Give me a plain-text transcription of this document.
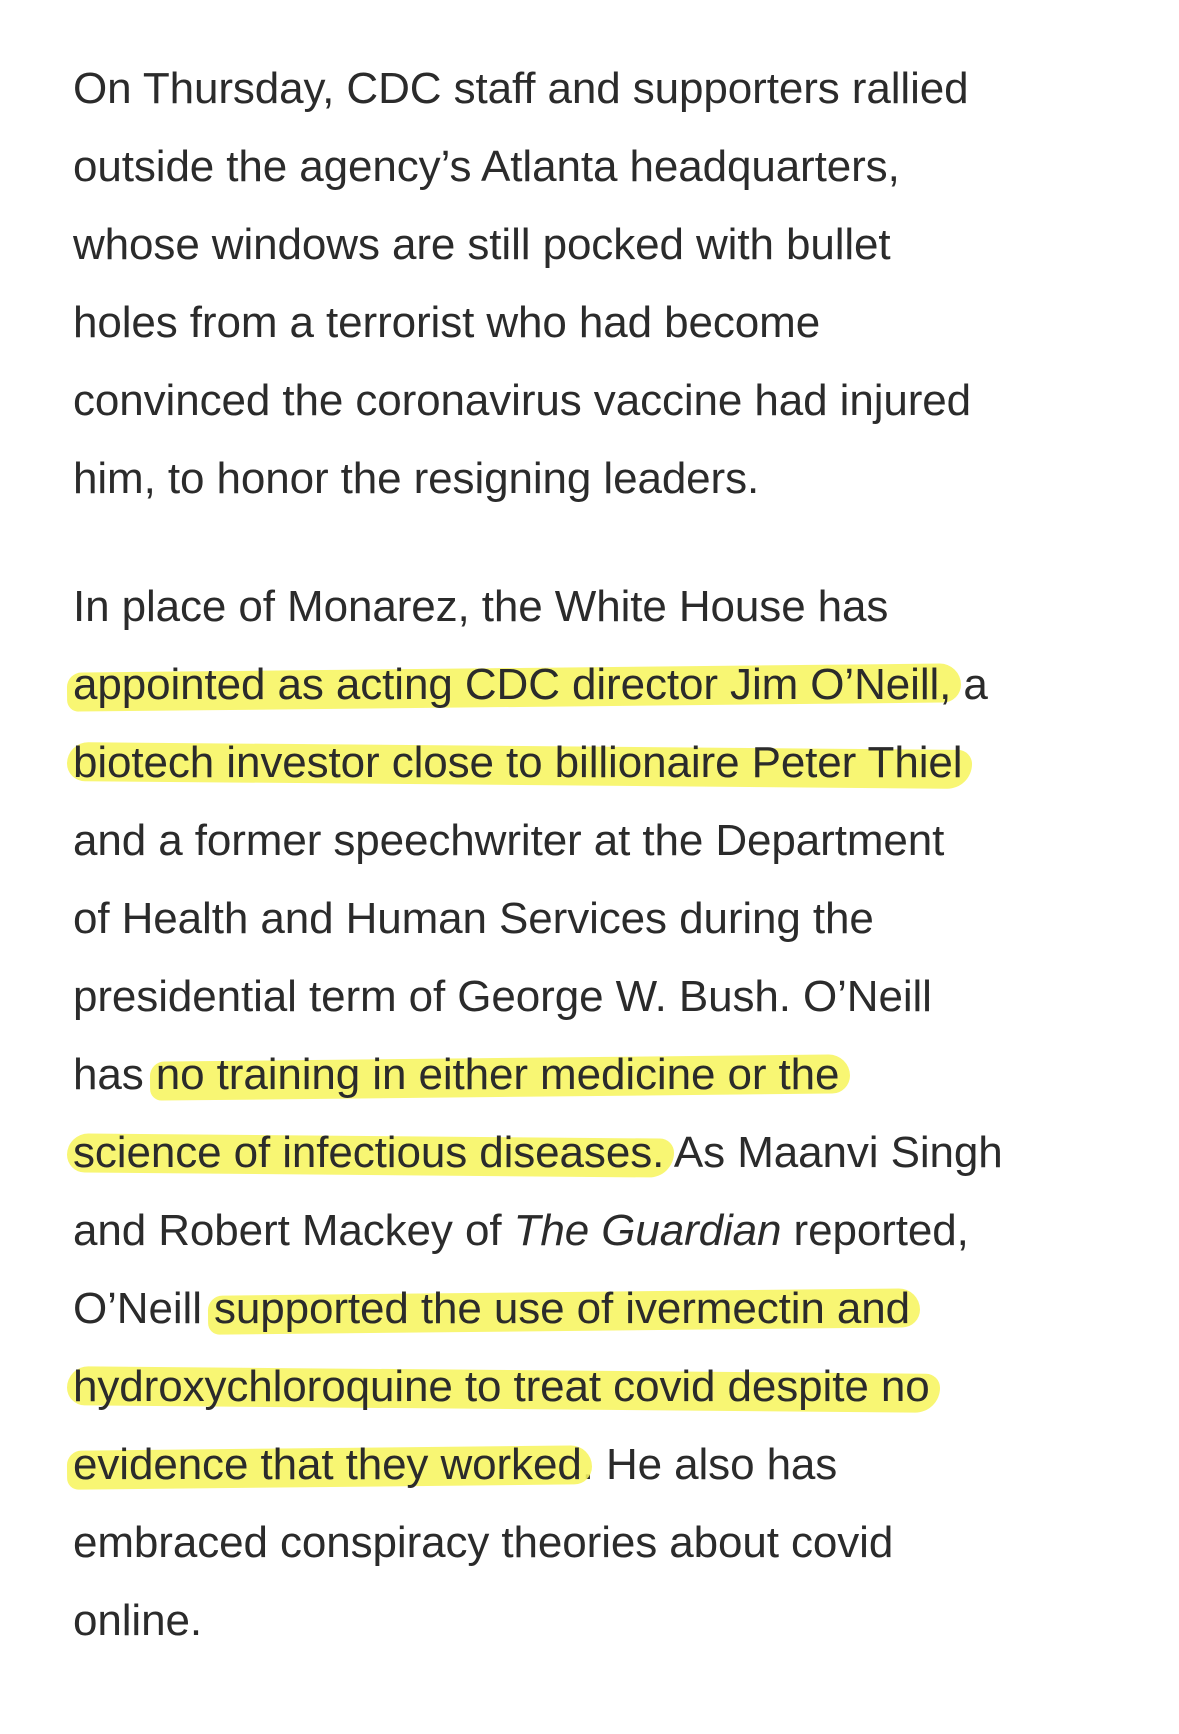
On Thursday, CDC staff and supporters rallied
outside the agency’s Atlanta headquarters,
whose windows are still pocked with bullet
holes from a terrorist who had become
convinced the coronavirus vaccine had injured
him, to honor the resigning leaders.

In place of Monarez, the White House has
appointed as acting CDC director Jim O’Neill, a
biotech investor close to billionaire Peter Thiel
and a former speechwriter at the Department
of Health and Human Services during the
presidential term of George W. Bush. O’Neill
has no training in either medicine or the
science of infectious diseases. As Maanvi Singh
and Robert Mackey of The Guardian reported,
O’Neill supported the use of ivermectin and
hydroxychloroquine to treat covid despite no
evidence that they worked. He also has
embraced conspiracy theories about covid
online.
